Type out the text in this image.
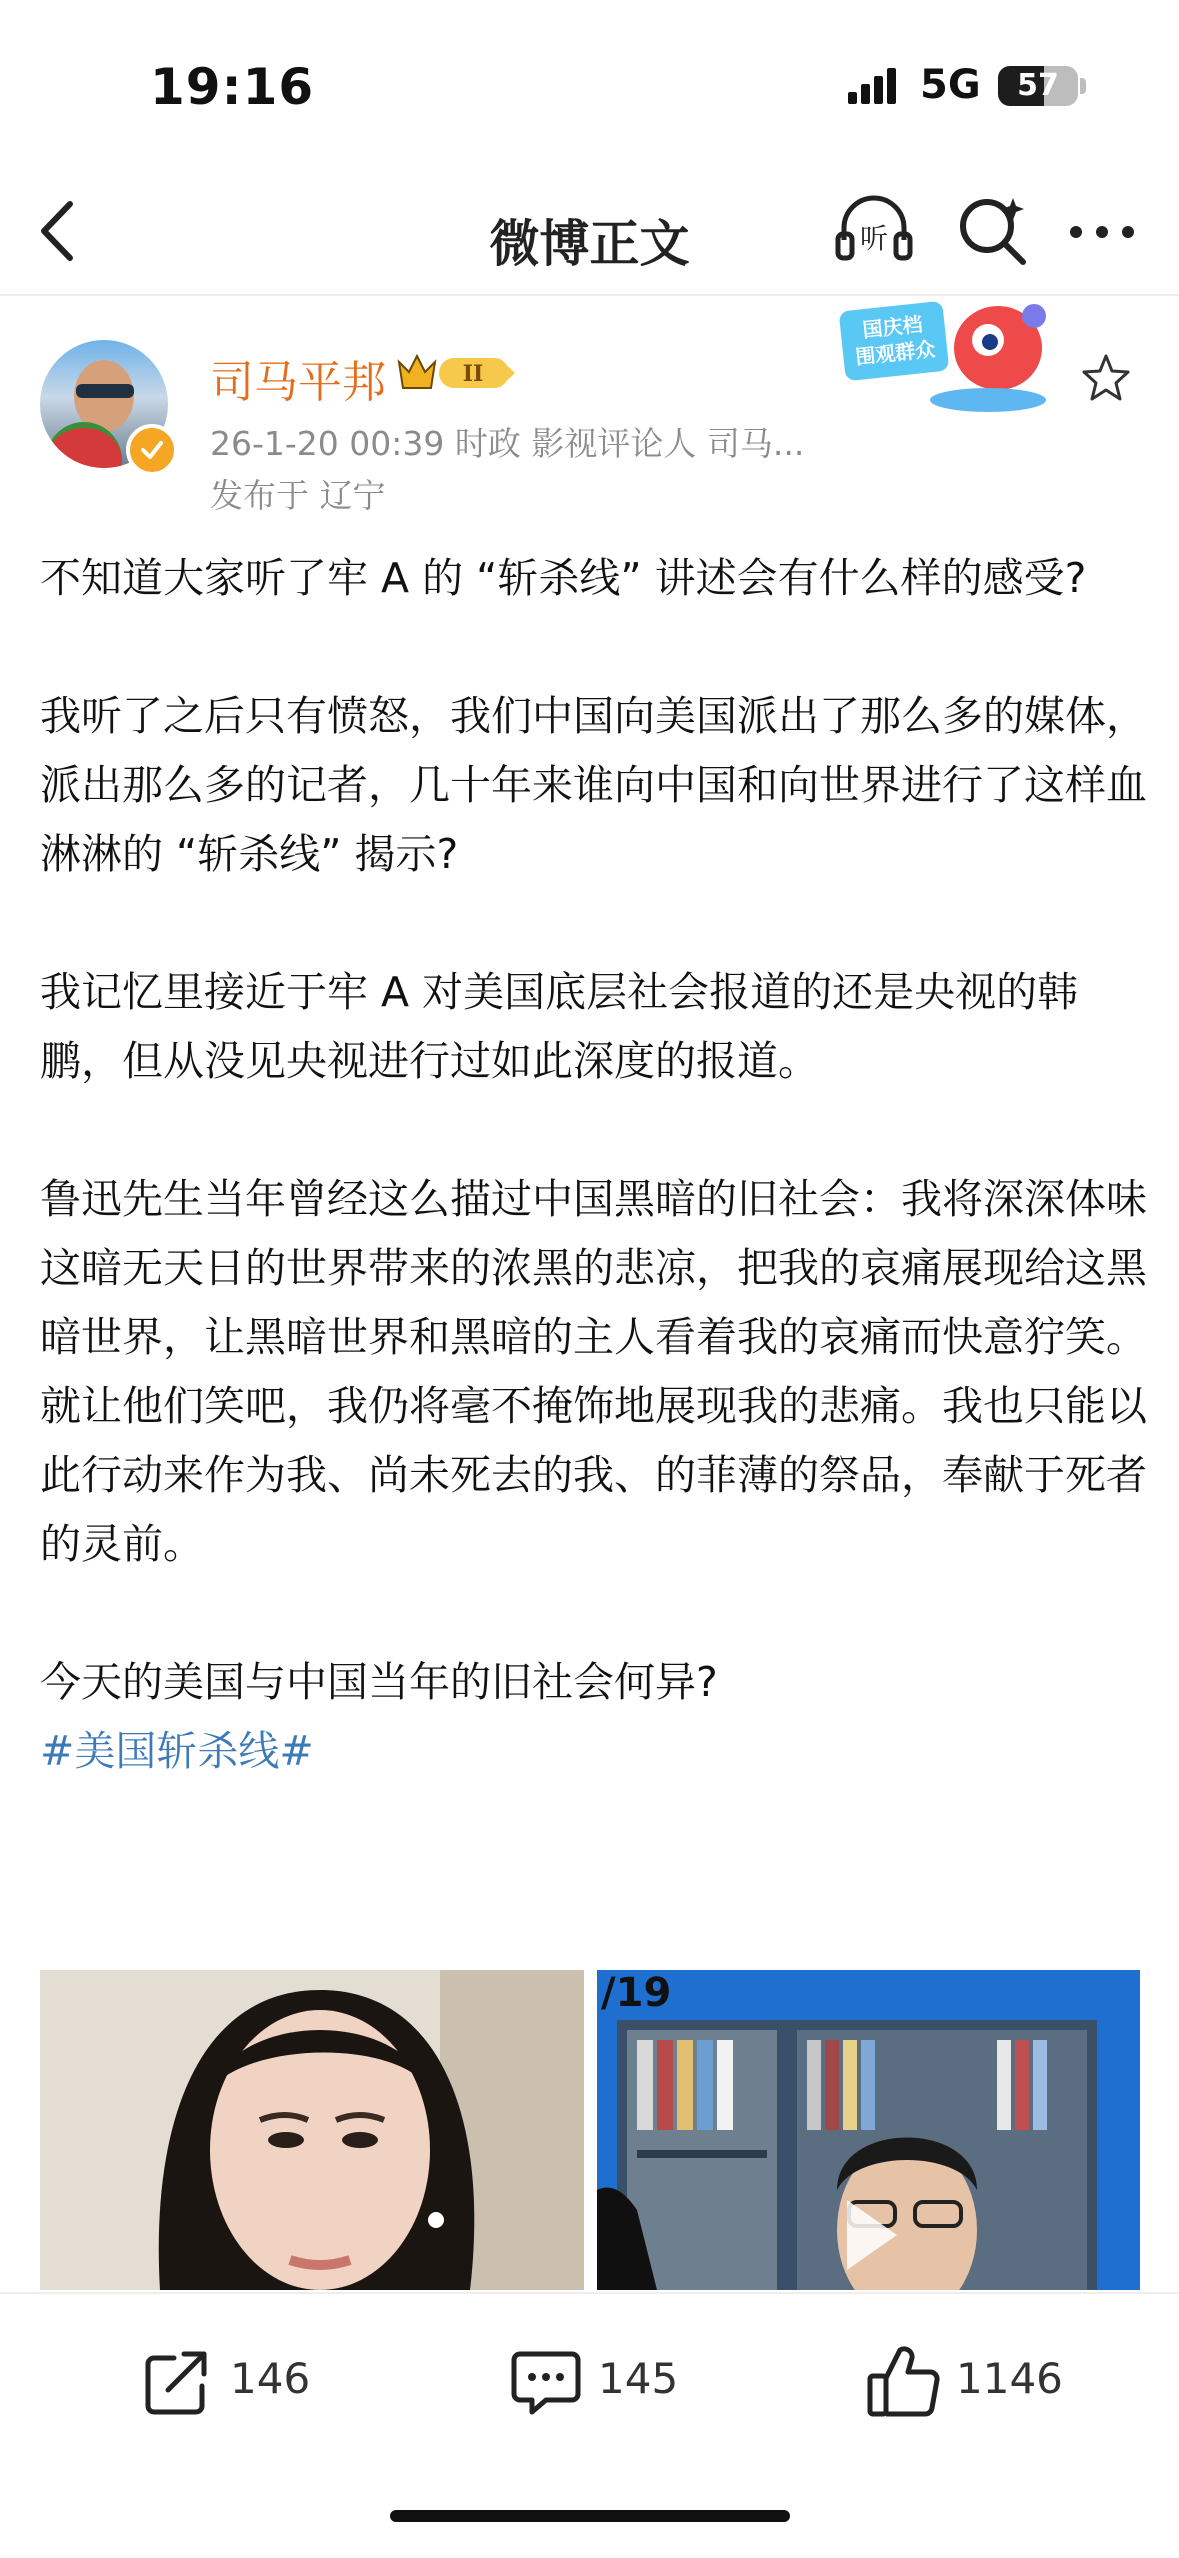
19:16	5G	57
微博正文	听
司马平邦	II
26-1-20 00:39 时政 影视评论人 司马...
发布于 辽宁
国庆档
围观群众

不知道大家听了牢 A 的 “斩杀线” 讲述会有什么样的感受?

我听了之后只有愤怒，我们中国向美国派出了那么多的媒体，派出那么多的记者，几十年来谁向中国和向世界进行了这样血淋淋的 “斩杀线” 揭示?

我记忆里接近于牢 A 对美国底层社会报道的还是央视的韩鹏，但从没见央视进行过如此深度的报道。

鲁迅先生当年曾经这么描过中国黑暗的旧社会：我将深深体味这暗无天日的世界带来的浓黑的悲凉，把我的哀痛展现给这黑暗世界，让黑暗世界和黑暗的主人看着我的哀痛而快意狞笑。就让他们笑吧，我仍将毫不掩饰地展现我的悲痛。我也只能以此行动来作为我、尚未死去的我、的菲薄的祭品，奉献于死者的灵前。

今天的美国与中国当年的旧社会何异?

#美国斩杀线#
/19
146	145	1146
